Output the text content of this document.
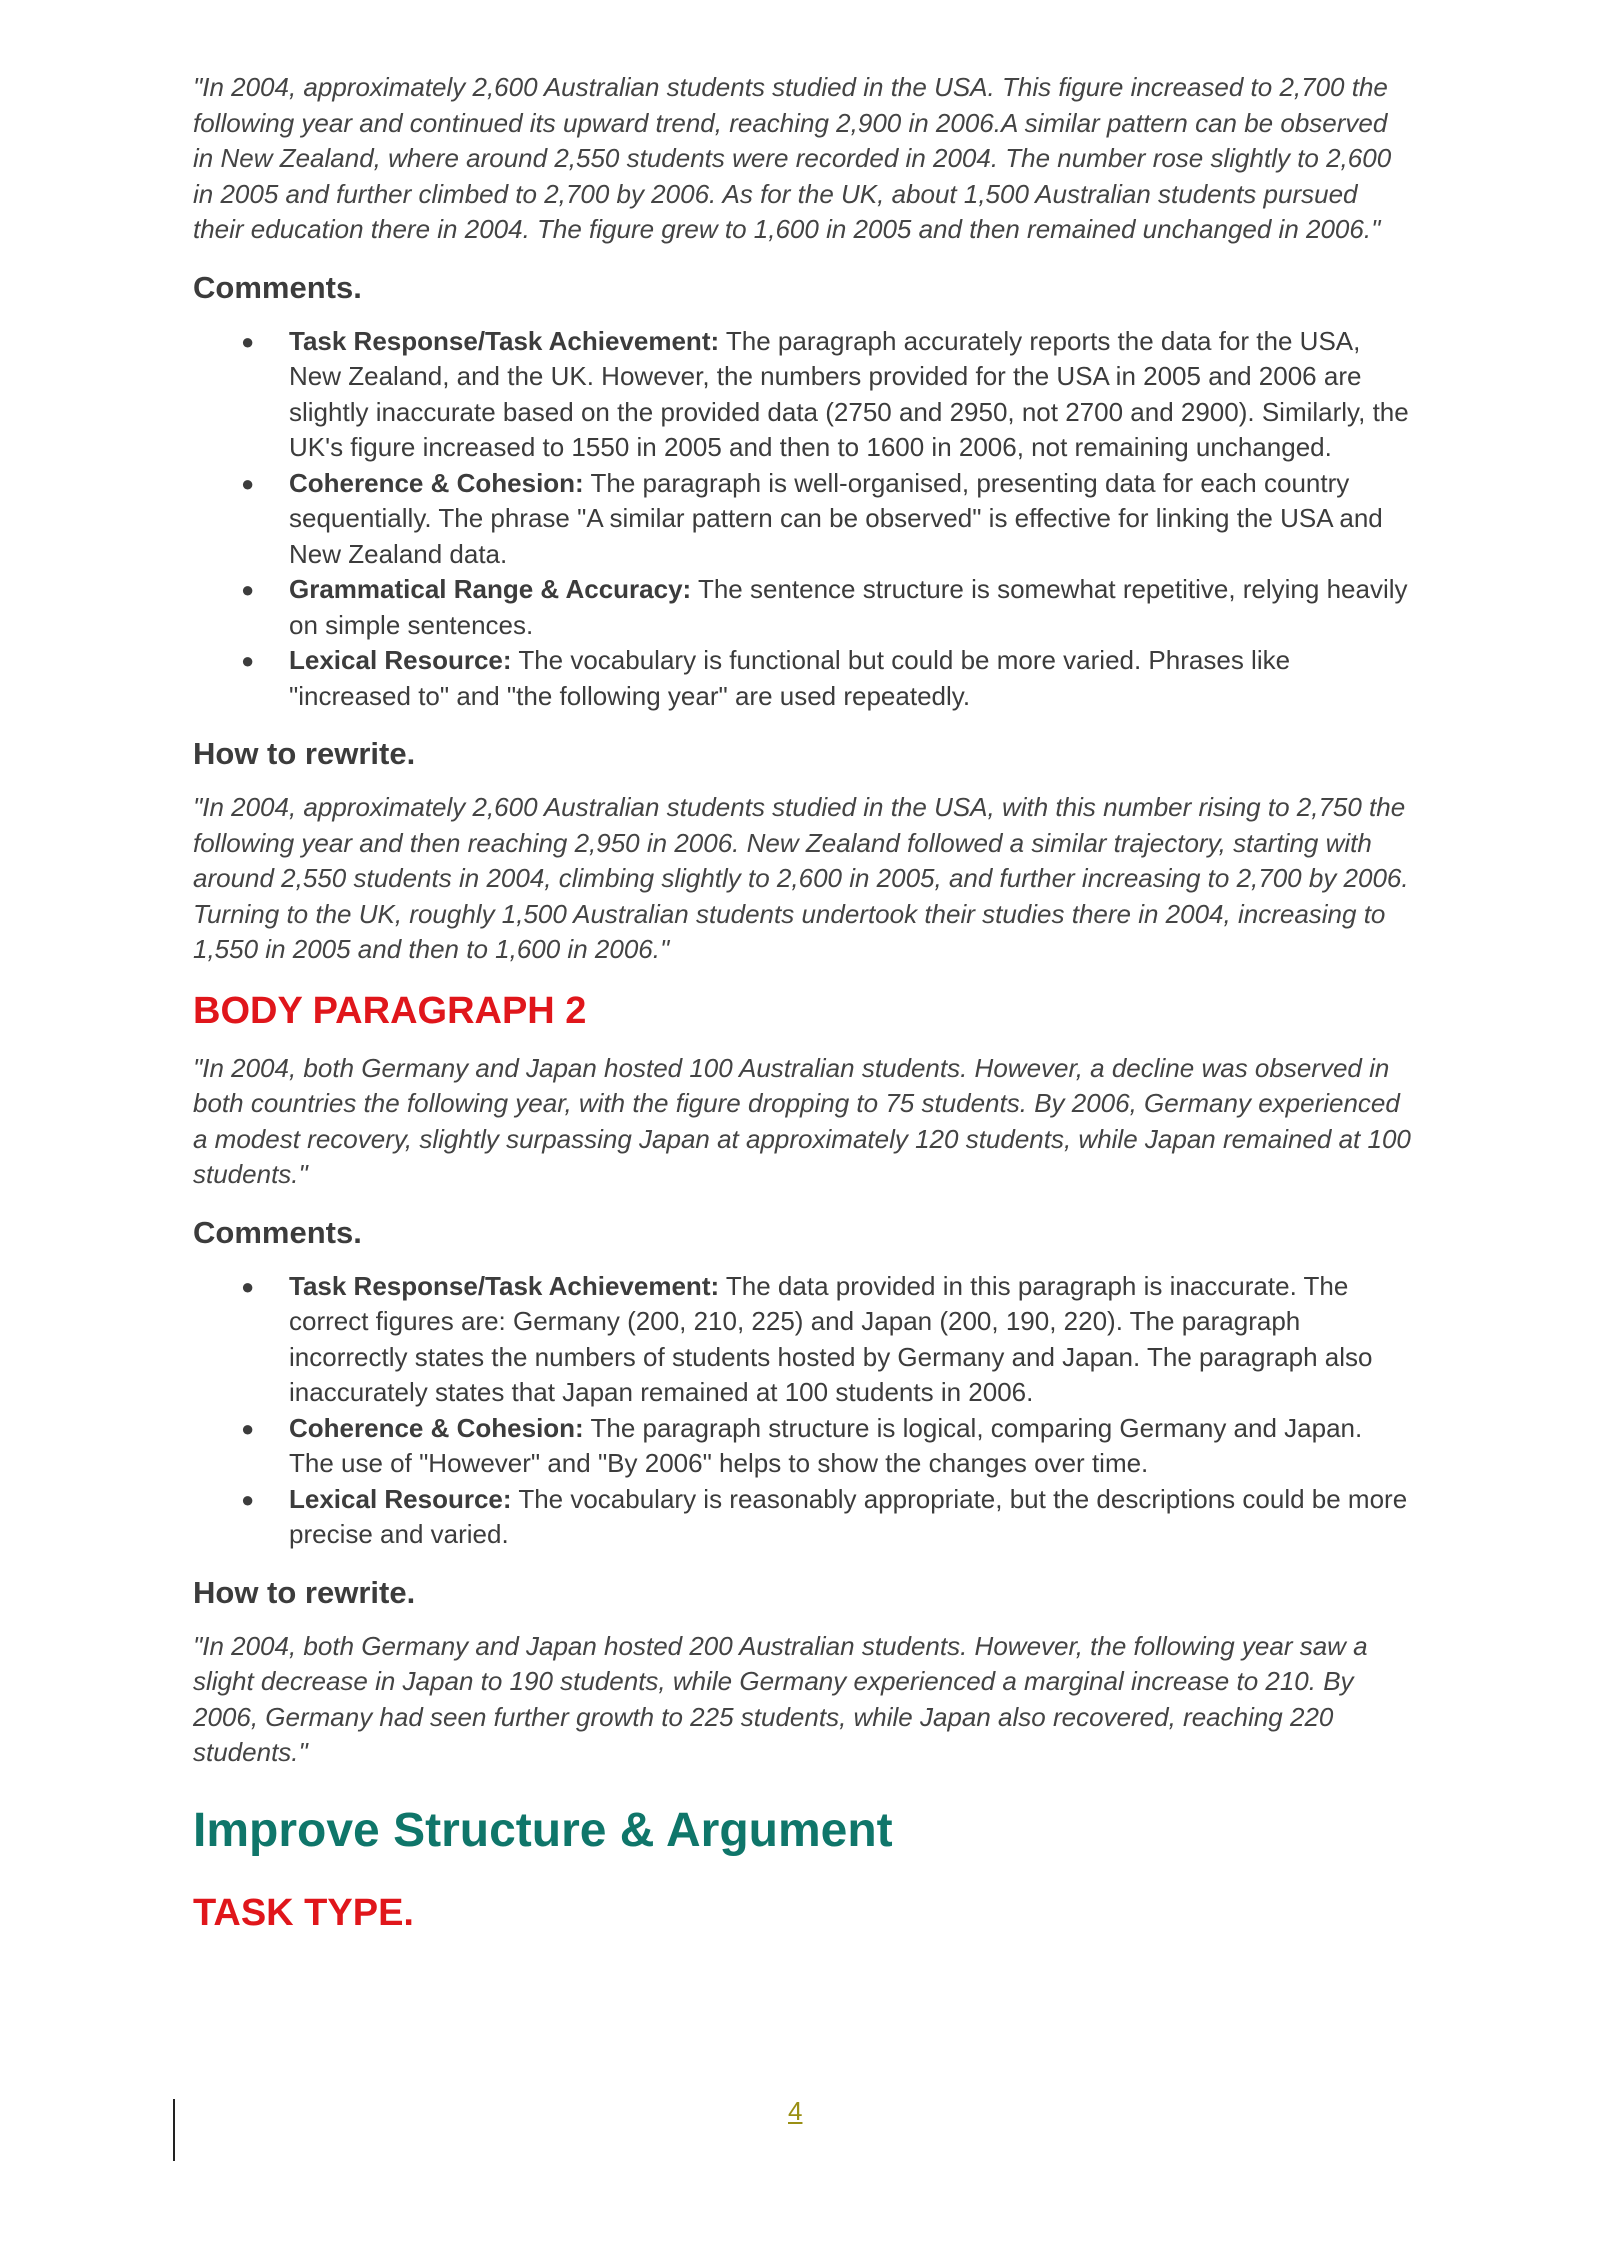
"In 2004, approximately 2,600 Australian students studied in the USA. This figure increased to 2,700 the following year and continued its upward trend, reaching 2,900 in 2006.A similar pattern can be observed in New Zealand, where around 2,550 students were recorded in 2004. The number rose slightly to 2,600 in 2005 and further climbed to 2,700 by 2006. As for the UK, about 1,500 Australian students pursued their education there in 2004. The figure grew to 1,600 in 2005 and then remained unchanged in 2006."

Comments.
● Task Response/Task Achievement: The paragraph accurately reports the data for the USA, New Zealand, and the UK. However, the numbers provided for the USA in 2005 and 2006 are slightly inaccurate based on the provided data (2750 and 2950, not 2700 and 2900). Similarly, the UK's figure increased to 1550 in 2005 and then to 1600 in 2006, not remaining unchanged.
● Coherence & Cohesion: The paragraph is well-organised, presenting data for each country sequentially. The phrase "A similar pattern can be observed" is effective for linking the USA and New Zealand data.
● Grammatical Range & Accuracy: The sentence structure is somewhat repetitive, relying heavily on simple sentences.
● Lexical Resource: The vocabulary is functional but could be more varied. Phrases like "increased to" and "the following year" are used repeatedly.
How to rewrite.

"In 2004, approximately 2,600 Australian students studied in the USA, with this number rising to 2,750 the following year and then reaching 2,950 in 2006. New Zealand followed a similar trajectory, starting with around 2,550 students in 2004, climbing slightly to 2,600 in 2005, and further increasing to 2,700 by 2006. Turning to the UK, roughly 1,500 Australian students undertook their studies there in 2004, increasing to 1,550 in 2005 and then to 1,600 in 2006."

BODY PARAGRAPH 2

"In 2004, both Germany and Japan hosted 100 Australian students. However, a decline was observed in both countries the following year, with the figure dropping to 75 students. By 2006, Germany experienced a modest recovery, slightly surpassing Japan at approximately 120 students, while Japan remained at 100 students."

Comments.
● Task Response/Task Achievement: The data provided in this paragraph is inaccurate. The correct figures are: Germany (200, 210, 225) and Japan (200, 190, 220). The paragraph incorrectly states the numbers of students hosted by Germany and Japan. The paragraph also inaccurately states that Japan remained at 100 students in 2006.
● Coherence & Cohesion: The paragraph structure is logical, comparing Germany and Japan. The use of "However" and "By 2006" helps to show the changes over time.
● Lexical Resource: The vocabulary is reasonably appropriate, but the descriptions could be more precise and varied.
How to rewrite.

"In 2004, both Germany and Japan hosted 200 Australian students. However, the following year saw a slight decrease in Japan to 190 students, while Germany experienced a marginal increase to 210. By 2006, Germany had seen further growth to 225 students, while Japan also recovered, reaching 220 students."

Improve Structure & Argument
TASK TYPE.
4
